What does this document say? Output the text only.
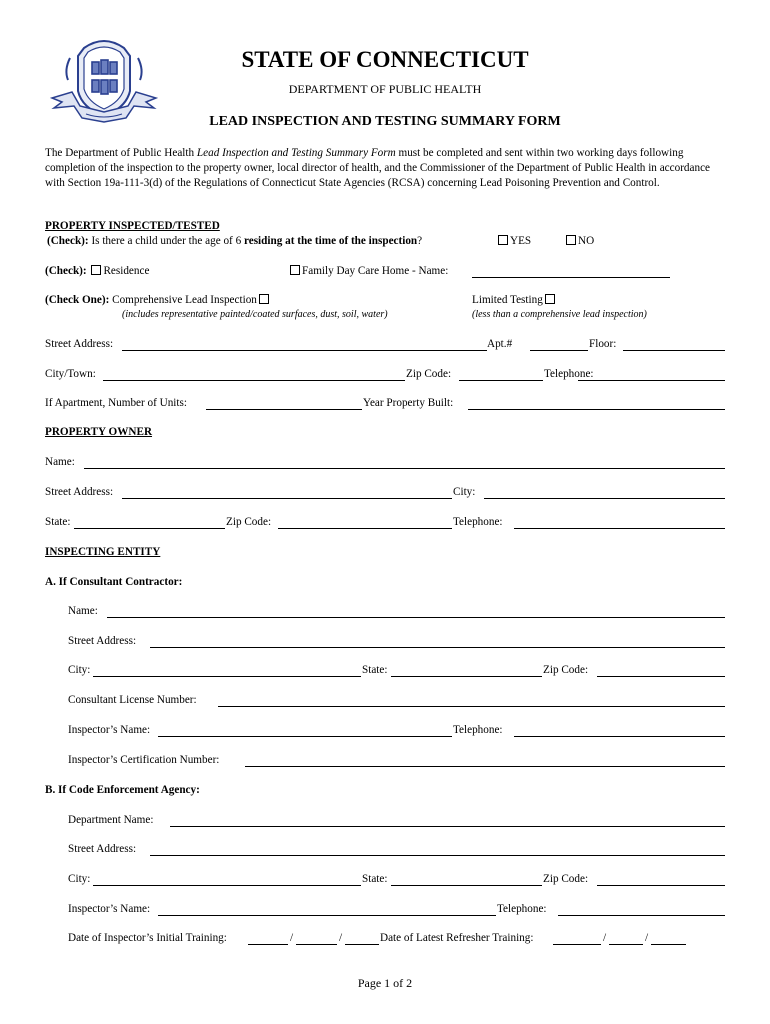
STATE OF CONNECTICUT
DEPARTMENT OF PUBLIC HEALTH
LEAD INSPECTION AND TESTING SUMMARY FORM
The Department of Public Health Lead Inspection and Testing Summary Form must be completed and sent within two working days following completion of the inspection to the property owner, local director of health, and the Commissioner of the Department of Public Health in accordance with Section 19a-111-3(d) of the Regulations of Connecticut State Agencies (RCSA) concerning Lead Poisoning Prevention and Control.
PROPERTY INSPECTED/TESTED
(Check): Is there a child under the age of 6 residing at the time of the inspection?	YES	NO
(Check): Residence	Family Day Care Home - Name:
(Check One): Comprehensive Lead Inspection
(includes representative painted/coated surfaces, dust, soil, water)
Limited Testing
(less than a comprehensive lead inspection)
Street Address:	Apt.#	Floor:
City/Town:	Zip Code:	Telephone:
If Apartment, Number of Units:	Year Property Built:
PROPERTY OWNER
Name:
Street Address:	City:
State:	Zip Code:	Telephone:
INSPECTING ENTITY
A. If Consultant Contractor:
Name:
Street Address:
City:	State:	Zip Code:
Consultant License Number:
Inspector’s Name:	Telephone:
Inspector’s Certification Number:
B. If Code Enforcement Agency:
Department Name:
Street Address:
City:	State:	Zip Code:
Inspector’s Name:	Telephone:
Date of Inspector’s Initial Training:	/	/	Date of Latest Refresher Training:	/	/
Page 1 of 2
